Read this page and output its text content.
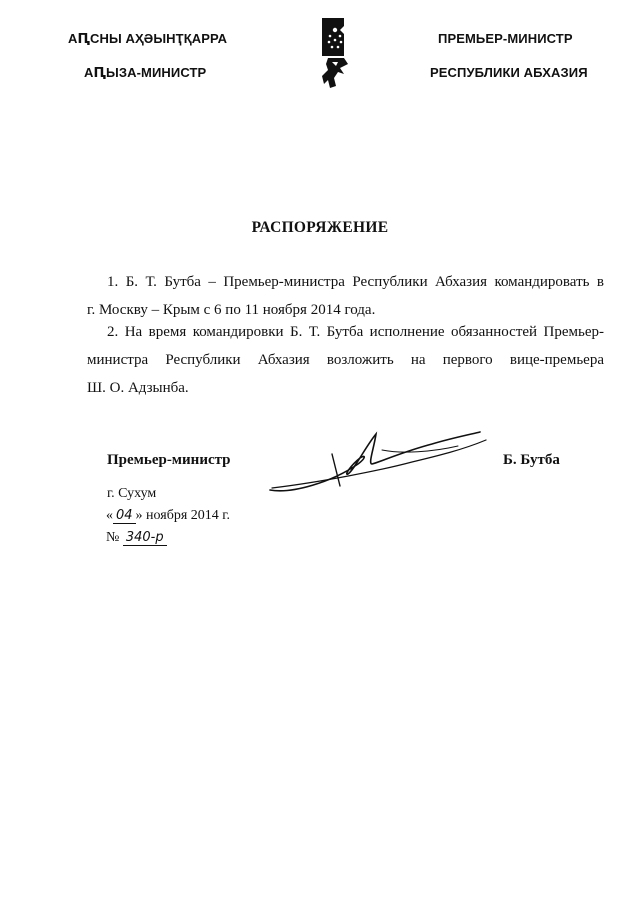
АԤСНЫ АҲӘЫНҬҚАРРА
АԤЫЗА-МИНИСТР
ПРЕМЬЕР-МИНИСТР
РЕСПУБЛИКИ АБХАЗИЯ
РАСПОРЯЖЕНИЕ
1. Б. Т. Бутба – Премьер-министра Республики Абхазия командировать в
г. Москву – Крым с 6 по 11 ноября 2014 года.
2. На время командировки Б. Т. Бутба исполнение обязанностей Премьер-
министра Республики Абхазия возложить на первого вице-премьера
Ш. О. Адзынба.
Премьер-министр	Б. Бутба
г. Сухум
« 04 » ноября 2014 г.
№ 340-р
